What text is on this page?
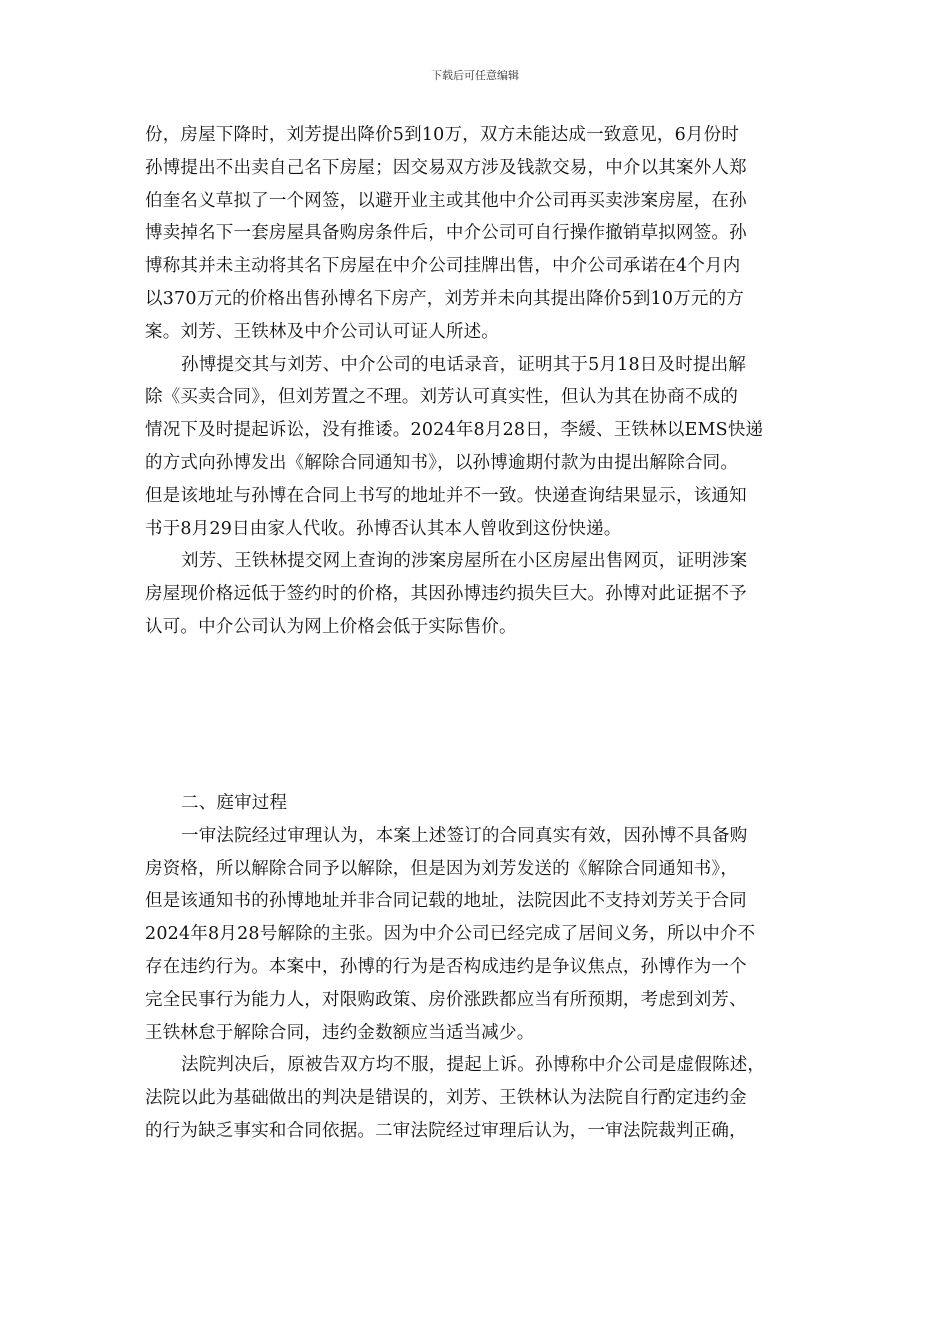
下载后可任意编辑

份，房屋下降时，刘芳提出降价5到10万，双方未能达成一致意见，6月份时
孙博提出不出卖自己名下房屋；因交易双方涉及钱款交易，中介以其案外人郑
伯奎名义草拟了一个网签，以避开业主或其他中介公司再买卖涉案房屋，在孙
博卖掉名下一套房屋具备购房条件后，中介公司可自行操作撤销草拟网签。孙
博称其并未主动将其名下房屋在中介公司挂牌出售，中介公司承诺在4个月内
以370万元的价格出售孙博名下房产，刘芳并未向其提出降价5到10万元的方
案。刘芳、王铁林及中介公司认可证人所述。

孙博提交其与刘芳、中介公司的电话录音，证明其于5月18日及时提出解
除《买卖合同》，但刘芳置之不理。刘芳认可真实性，但认为其在协商不成的
情况下及时提起诉讼，没有推诿。2024年8月28日，李緩、王铁林以EMS快递
的方式向孙博发出《解除合同通知书》，以孙博逾期付款为由提出解除合同。
但是该地址与孙博在合同上书写的地址并不一致。快递查询结果显示，该通知
书于8月29日由家人代收。孙博否认其本人曾收到这份快递。

刘芳、王铁林提交网上查询的涉案房屋所在小区房屋出售网页，证明涉案
房屋现价格远低于签约时的价格，其因孙博违约损失巨大。孙博对此证据不予
认可。中介公司认为网上价格会低于实际售价。

二、庭审过程

一审法院经过审理认为，本案上述签订的合同真实有效，因孙博不具备购
房资格，所以解除合同予以解除，但是因为刘芳发送的《解除合同通知书》，
但是该通知书的孙博地址并非合同记载的地址，法院因此不支持刘芳关于合同
2024年8月28号解除的主张。因为中介公司已经完成了居间义务，所以中介不
存在违约行为。本案中，孙博的行为是否构成违约是争议焦点，孙博作为一个
完全民事行为能力人，对限购政策、房价涨跌都应当有所预期，考虑到刘芳、
王铁林怠于解除合同，违约金数额应当适当减少。

法院判决后，原被告双方均不服，提起上诉。孙博称中介公司是虚假陈述，
法院以此为基础做出的判决是错误的，刘芳、王铁林认为法院自行酌定违约金
的行为缺乏事实和合同依据。二审法院经过审理后认为，一审法院裁判正确，
